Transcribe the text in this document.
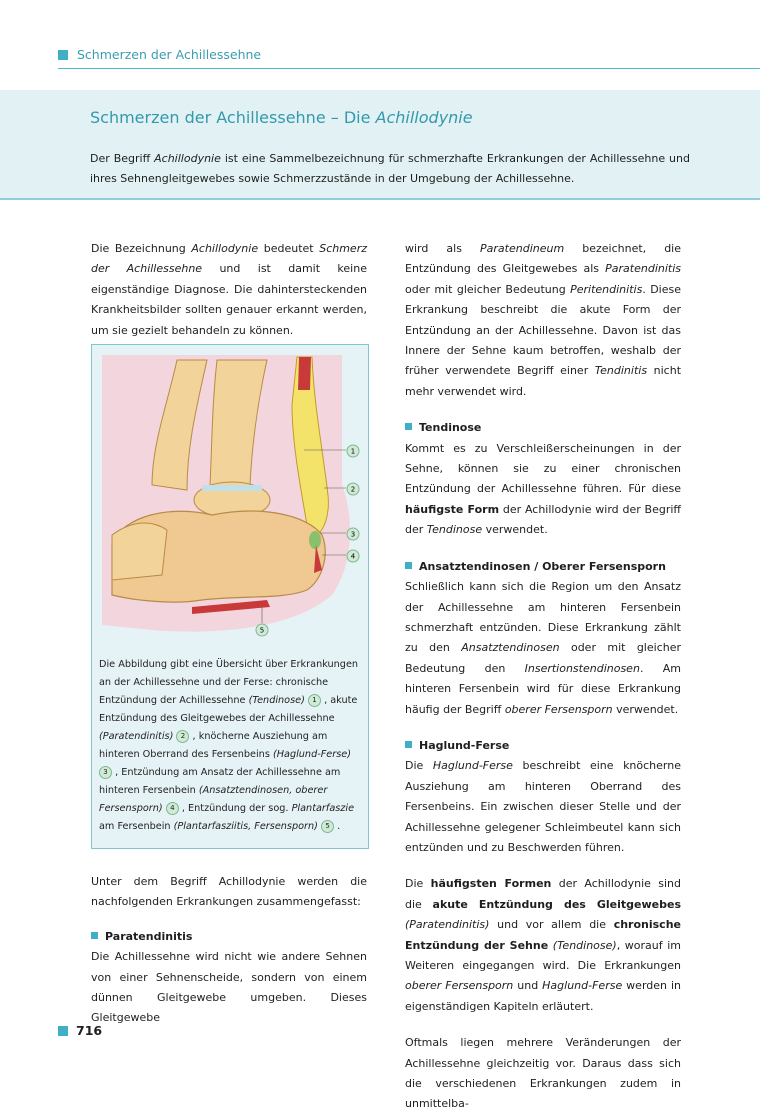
Schmerzen der Achillessehne
Schmerzen der Achillessehne – Die Achillodynie

Der Begriff Achillodynie ist eine Sammelbezeichnung für schmerzhafte Erkrankungen der Achillessehne und ihres Sehnengleitgewebes sowie Schmerzzustände in der Umgebung der Achillessehne.

Die Bezeichnung Achillodynie bedeutet Schmerz der Achillessehne und ist damit keine eigenständige Diagnose. Die dahintersteckenden Krankheitsbilder sollten genauer erkannt werden, um sie gezielt behandeln zu können.

1
2
3
4
5
Die Abbildung gibt eine Übersicht über Erkrankungen an der Achillessehne und der Ferse: chronische Entzündung der Achillessehne (Tendinose) 1 , akute Entzündung des Gleitgewebes der Achillessehne (Paratendinitis) 2 , knöcherne Ausziehung am hinteren Oberrand des Fersenbeins (Haglund-Ferse) 3 , Entzündung am Ansatz der Achillessehne am hinteren Fersenbein (Ansatztendinosen, oberer Fersensporn) 4 , Entzündung der sog. Plantarfaszie am Fersenbein (Plantarfasziitis, Fersensporn) 5 .

Unter dem Begriff Achillodynie werden die nachfolgenden Erkrankungen zusammengefasst:

Paratendinitis

Die Achillessehne wird nicht wie andere Sehnen von einer Sehnenscheide, sondern von einem dünnen Gleitgewebe umgeben. Dieses Gleitgewebe

wird als Paratendineum bezeichnet, die Entzündung des Gleitgewebes als Paratendinitis oder mit gleicher Bedeutung Peritendinitis. Diese Erkrankung beschreibt die akute Form der Entzündung an der Achillessehne. Davon ist das Innere der Sehne kaum betroffen, weshalb der früher verwendete Begriff einer Tendinitis nicht mehr verwendet wird.

Tendinose

Kommt es zu Verschleißerscheinungen in der Sehne, können sie zu einer chronischen Entzündung der Achillessehne führen. Für diese häufigste Form der Achillodynie wird der Begriff der Tendinose verwendet.

Ansatztendinosen / Oberer Fersensporn

Schließlich kann sich die Region um den Ansatz der Achillessehne am hinteren Fersenbein schmerzhaft entzünden. Diese Erkrankung zählt zu den Ansatztendinosen oder mit gleicher Bedeutung den Insertionstendinosen. Am hinteren Fersenbein wird für diese Erkrankung häufig der Begriff oberer Fersensporn verwendet.

Haglund-Ferse

Die Haglund-Ferse beschreibt eine knöcherne Ausziehung am hinteren Oberrand des Fersenbeins. Ein zwischen dieser Stelle und der Achillessehne gelegener Schleimbeutel kann sich entzünden und zu Beschwerden führen.

Die häufigsten Formen der Achillodynie sind die akute Entzündung des Gleitgewebes (Paratendinitis) und vor allem die chronische Entzündung der Sehne (Tendinose), worauf im Weiteren eingegangen wird. Die Erkrankungen oberer Fersensporn und Haglund-Ferse werden in eigenständigen Kapiteln erläutert.

Oftmals liegen mehrere Veränderungen der Achillessehne gleichzeitig vor. Daraus dass sich die verschiedenen Erkrankungen zudem in unmittelba-

716
